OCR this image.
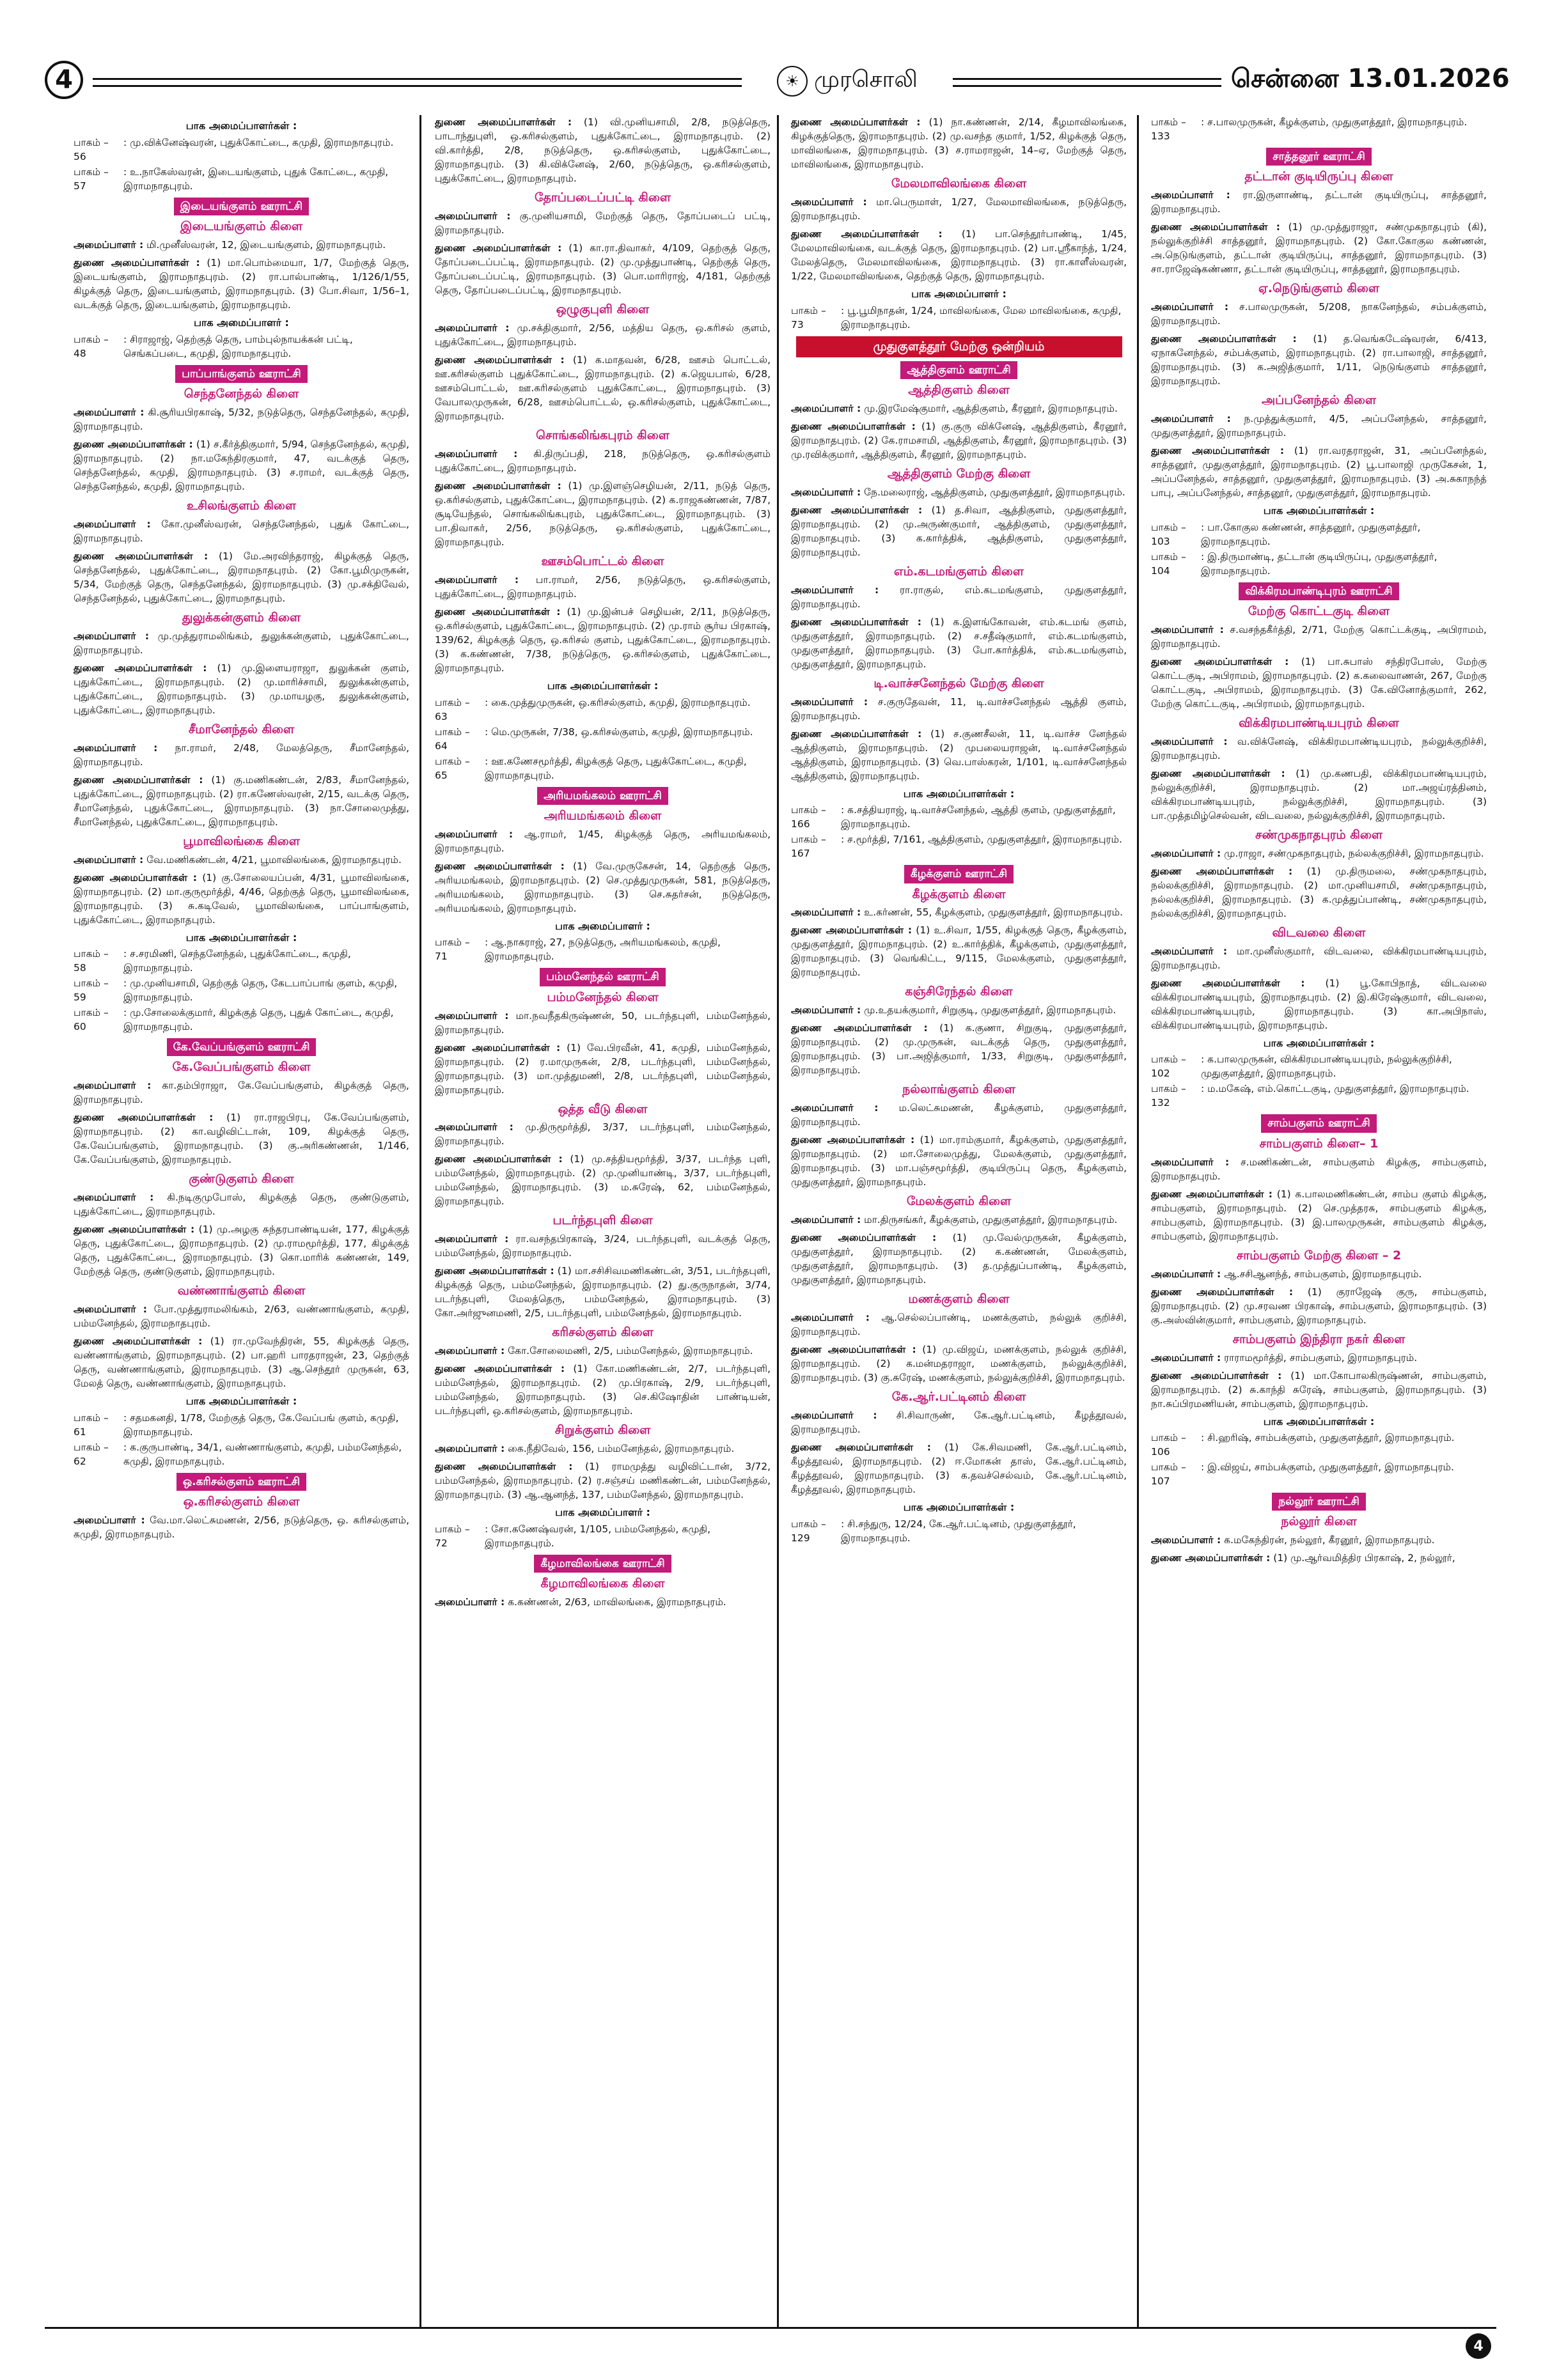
4	☀ முரசொலி	சென்னை 13.01.2026
பாக அமைப்பாளர்கள் :
பாகம் – 56
: மு.விக்னேஷ்வரன், புதுக்கோட்டை, கமுதி, இராமநாதபுரம்.
பாகம் – 57
: உ.நாகேஸ்வரன், இடையங்குளம், புதுக் கோட்டை, கமுதி, இராமநாதபுரம்.
இடையங்குளம் ஊராட்சி
இடையங்குளம் கிளை
அமைப்பாளர் : மி.முனீஸ்வரன், 12, இடையங்குளம், இராமநாதபுரம்.
துணை அமைப்பாளர்கள் : (1) மா.பொம்மையா, 1/7, மேற்குத் தெரு, இடையங்குளம், இராமநாதபுரம். (2) ரா.பால்பாண்டி, 1/126/1/55, கிழக்குத் தெரு, இடையங்குளம், இராமநாதபுரம். (3) போ.சிவா, 1/56–1, வடக்குத் தெரு, இடையங்குளம், இராமநாதபுரம்.
பாக அமைப்பாளர் :
பாகம் – 48
: சிராஜாஜ், தெற்குத் தெரு, பாம்புல்நாயக்கன் பட்டி, செங்கப்படை, கமுதி, இராமநாதபுரம்.
பாப்பாங்குளம் ஊராட்சி
செந்தனேந்தல் கிளை
அமைப்பாளர் : கி.சூரியபிரகாஷ், 5/32, நடுத்தெரு, செந்தனேந்தல், கமுதி, இராமநாதபுரம்.
துணை அமைப்பாளர்கள் : (1) ச.கீர்த்திகுமார், 5/94, செந்தனேந்தல், கமுதி, இராமநாதபுரம். (2) நா.மகேந்திரகுமார், 47, வடக்குத் தெரு, செந்தனேந்தல், கமுதி, இராமநாதபுரம். (3) ச.ராமர், வடக்குத் தெரு, செந்தனேந்தல், கமுதி, இராமநாதபுரம்.
உசிலங்குளம் கிளை
அமைப்பாளர் : கோ.முனீஸ்வரன், செந்தனேந்தல், புதுக் கோட்டை, இராமநாதபுரம்.
துணை அமைப்பாளர்கள் : (1) மே.அரவிந்தராஜ், கிழக்குத் தெரு, செந்தனேந்தல், புதுக்கோட்டை, இராமநாதபுரம். (2) கோ.பூமிமுருகன், 5/34, மேற்குத் தெரு, செந்தனேந்தல், இராமநாதபுரம். (3) மு.சக்திவேல், செந்தனேந்தல், புதுக்கோட்டை, இராமநாதபுரம்.
துலுக்கன்குளம் கிளை
அமைப்பாளர் : மு.முத்துராமலிங்கம், துலுக்கன்குளம், புதுக்கோட்டை, இராமநாதபுரம்.
துணை அமைப்பாளர்கள் : (1) மு.இளையராஜா, துலுக்கன் குளம், புதுக்கோட்டை, இராமநாதபுரம். (2) மு.மாரிச்சாமி, துலுக்கன்குளம், புதுக்கோட்டை, இராமநாதபுரம். (3) மு.மாயழகு, துலுக்கன்குளம், புதுக்கோட்டை, இராமநாதபுரம்.
சீமானேந்தல் கிளை
அமைப்பாளர் : நா.ராமர், 2/48, மேலத்தெரு, சீமானேந்தல், இராமநாதபுரம்.
துணை அமைப்பாளர்கள் : (1) கு.மணிகண்டன், 2/83, சீமானேந்தல், புதுக்கோட்டை, இராமநாதபுரம். (2) ரா.கணேஸ்வரன், 2/15, வடக்கு தெரு, சீமானேந்தல், புதுக்கோட்டை, இராமநாதபுரம். (3) நா.சோலைமுத்து, சீமானேந்தல், புதுக்கோட்டை, இராமநாதபுரம்.
பூமாவிலங்கை கிளை
அமைப்பாளர் : வே.மணிகண்டன், 4/21, பூமாவிலங்கை, இராமநாதபுரம்.
துணை அமைப்பாளர்கள் : (1) கு.சோலையப்பன், 4/31, பூமாவிலங்கை, இராமநாதபுரம். (2) மா.குருமூர்த்தி, 4/46, தெற்குத் தெரு, பூமாவிலங்கை, இராமநாதபுரம். (3) சு.கடிவேல், பூமாவிலங்கை, பாப்பாங்குளம், புதுக்கோட்டை, இராமநாதபுரம்.
பாக அமைப்பாளர்கள் :
பாகம் – 58
: ச.சரமிணி, செந்தனேந்தல், புதுக்கோட்டை, கமுதி, இராமநாதபுரம்.
பாகம் – 59
: மு.முனியசாமி, தெற்குத் தெரு, கேடபாப்பாங் குளம், கமுதி, இராமநாதபுரம்.
பாகம் – 60
: மு.சோலைக்குமார், கிழக்குத் தெரு, புதுக் கோட்டை, கமுதி, இராமநாதபுரம்.
கே.வேப்பங்குளம் ஊராட்சி
கே.வேப்பங்குளம் கிளை
அமைப்பாளர் : கா.தம்பிராஜா, கே.வேப்பங்குளம், கிழக்குத் தெரு, இராமநாதபுரம்.
துணை அமைப்பாளர்கள் : (1) ரா.ராஜபிரபு, கே.வேப்பங்குளம், இராமநாதபுரம். (2) கா.வழிவிட்டான், 109, கிழக்குத் தெரு, கே.வேப்பங்குளம், இராமநாதபுரம். (3) கு.அரிகண்ணன், 1/146, கே.வேப்பங்குளம், இராமநாதபுரம்.
குண்டுகுளம் கிளை
அமைப்பாளர் : கி.நடிகுமுபோஸ், கிழக்குத் தெரு, குண்டுகுளம், புதுக்கோட்டை, இராமநாதபுரம்.
துணை அமைப்பாளர்கள் : (1) மு.அழகு சுந்தரபாண்டியன், 177, கிழக்குத் தெரு, புதுக்கோட்டை, இராமநாதபுரம். (2) மு.ராமமூர்த்தி, 177, கிழக்குத் தெரு, புதுக்கோட்டை, இராமநாதபுரம். (3) கொ.மாரிக் கண்ணன், 149, மேற்குத் தெரு, குண்டுகுளம், இராமநாதபுரம்.
வண்ணாங்குளம் கிளை
அமைப்பாளர் : போ.முத்துராமலிங்கம், 2/63, வண்ணாங்குளம், கமுதி, பம்மனேந்தல், இராமநாதபுரம்.
துணை அமைப்பாளர்கள் : (1) ரா.முவேந்திரன், 55, கிழக்குத் தெரு, வண்ணாங்குளம், இராமநாதபுரம். (2) பா.ஹரி பாரதராஜன், 23, தெற்குத் தெரு, வண்ணாங்குளம், இராமநாதபுரம். (3) ஆ.செந்தூர் முருகன், 63, மேலத் தெரு, வண்ணாங்குளம், இராமநாதபுரம்.
பாக அமைப்பாளர்கள் :
பாகம் – 61
: சதமகனதி, 1/78, மேற்குத் தெரு, கே.வேப்பங் குளம், கமுதி, இராமநாதபுரம்.
பாகம் – 62
: க.குருபாண்டி, 34/1, வண்ணாங்குளம், கமுதி, பம்மனேந்தல், கமுதி, இராமநாதபுரம்.
ஒ.கரிசல்குளம் ஊராட்சி
ஒ.கரிசல்குளம் கிளை
அமைப்பாளர் : வே.மா.லெட்சுமணன், 2/56, நடுத்தெரு, ஒ. கரிசல்குளம், கமுதி, இராமநாதபுரம்.
துணை அமைப்பாளர்கள் : (1) வி.முனியசாமி, 2/8, நடுத்தெரு, பாடாந்துபுளி, ஒ.கரிசல்குளம், புதுக்கோட்டை, இராமநாதபுரம். (2) வி.கார்த்தி, 2/8, நடுத்தெரு, ஒ.கரிசல்குளம், புதுக்கோட்டை, இராமநாதபுரம். (3) கி.விக்னேஷ், 2/60, நடுத்தெரு, ஒ.கரிசல்குளம், புதுக்கோட்டை, இராமநாதபுரம்.
தோப்படைப்பட்டி கிளை
அமைப்பாளர் : கு.முனியசாமி, மேற்குத் தெரு, தோப்படைப் பட்டி, இராமநாதபுரம்.
துணை அமைப்பாளர்கள் : (1) கா.ரா.திவாகர், 4/109, தெற்குத் தெரு, தோப்படைப்பட்டி, இராமநாதபுரம். (2) மு.முத்துபாண்டி, தெற்குத் தெரு, தோப்படைப்பட்டி, இராமநாதபுரம். (3) பொ.மாரிராஜ், 4/181, தெற்குத் தெரு, தோப்படைப்பட்டி, இராமநாதபுரம்.
ஒழுகுபுளி கிளை
அமைப்பாளர் : மு.சக்திகுமார், 2/56, மத்திய தெரு, ஒ.கரிசல் குளம், புதுக்கோட்டை, இராமநாதபுரம்.
துணை அமைப்பாளர்கள் : (1) க.மாதவன், 6/28, ஊசம் பொட்டல், ஊ.கரிசல்குளம் புதுக்கோட்டை, இராமநாதபுரம். (2) க.ஜெயபால், 6/28, ஊசம்பொட்டல், ஊ.கரிசல்குளம் புதுக்கோட்டை, இராமநாதபுரம். (3) வேபாலமுருகன், 6/28, ஊசம்பொட்டல், ஒ.கரிசல்குளம், புதுக்கோட்டை, இராமநாதபுரம்.
சொங்கலிங்கபுரம் கிளை
அமைப்பாளர் : கி.திருப்பதி, 218, நடுத்தெரு, ஒ.கரிசல்குளம் புதுக்கோட்டை, இராமநாதபுரம்.
துணை அமைப்பாளர்கள் : (1) மு.இளஞ்செழியன், 2/11, நடுத் தெரு, ஒ.கரிசல்குளம், புதுக்கோட்டை, இராமநாதபுரம். (2) க.ராஜகண்ணன், 7/87, சூடியேந்தல், சொங்கலிங்கபுரம், புதுக்கோட்டை, இராமநாதபுரம். (3) பா.திவாகர், 2/56, நடுத்தெரு, ஒ.கரிசல்குளம், புதுக்கோட்டை, இராமநாதபுரம்.
ஊசம்பொட்டல் கிளை
அமைப்பாளர் : பா.ராமர், 2/56, நடுத்தெரு, ஒ.கரிசல்குளம், புதுக்கோட்டை, இராமநாதபுரம்.
துணை அமைப்பாளர்கள் : (1) மு.இன்பச் செழியன், 2/11, நடுத்தெரு, ஒ.கரிசல்குளம், புதுக்கோட்டை, இராமநாதபுரம். (2) மு.ராம் சூர்ய பிரகாஷ், 139/62, கிழக்குத் தெரு, ஒ.கரிசல் குளம், புதுக்கோட்டை, இராமநாதபுரம். (3) க.கண்ணன், 7/38, நடுத்தெரு, ஒ.கரிசல்குளம், புதுக்கோட்டை, இராமநாதபுரம்.
பாக அமைப்பாளர்கள் :
பாகம் – 63
: கை.முத்துமுருகன், ஒ.கரிசல்குளம், கமுதி, இராமநாதபுரம்.
பாகம் – 64
: மெ.முருகன், 7/38, ஒ.கரிசல்குளம், கமுதி, இராமநாதபுரம்.
பாகம் – 65
: ஊ.கணேசமூர்த்தி, கிழக்குத் தெரு, புதுக்கோட்டை, கமுதி, இராமநாதபுரம்.
அரியமங்கலம் ஊராட்சி
அரியமங்கலம் கிளை
அமைப்பாளர் : ஆ.ராமர், 1/45, கிழக்குத் தெரு, அரியமங்கலம், இராமநாதபுரம்.
துணை அமைப்பாளர்கள் : (1) வே.முருகேசன், 14, தெற்குத் தெரு, அரியமங்கலம், இராமநாதபுரம். (2) செ.முத்துமுருகன், 581, நடுத்தெரு, அரியமங்கலம், இராமநாதபுரம். (3) செ.சுதர்சன், நடுத்தெரு, அரியமங்கலம், இராமநாதபுரம்.
பாக அமைப்பாளர் :
பாகம் – 71
: ஆ.நாகராஜ், 27, நடுத்தெரு, அரியமங்கலம், கமுதி, இராமநாதபுரம்.
பம்மனேந்தல் ஊராட்சி
பம்மனேந்தல் கிளை
அமைப்பாளர் : மா.நவநீதகிருஷ்ணன், 50, படர்ந்தபுளி, பம்மனேந்தல், இராமநாதபுரம்.
துணை அமைப்பாளர்கள் : (1) வே.பிரவீன், 41, கமுதி, பம்மனேந்தல், இராமநாதபுரம். (2) ர.மாமுருகன், 2/8, படர்ந்தபுளி, பம்மனேந்தல், இராமநாதபுரம். (3) மா.முத்துமணி, 2/8, படர்ந்தபுளி, பம்மனேந்தல், இராமநாதபுரம்.
ஒத்த வீடு கிளை
அமைப்பாளர் : மு.திருமூர்த்தி, 3/37, படர்ந்தபுளி, பம்மனேந்தல், இராமநாதபுரம்.
துணை அமைப்பாளர்கள் : (1) மு.சத்தியமூர்த்தி, 3/37, படர்ந்த புளி, பம்மனேந்தல், இராமநாதபுரம். (2) மு.முனியாண்டி, 3/37, படர்ந்தபுளி, பம்மனேந்தல், இராமநாதபுரம். (3) ம.சுரேஷ், 62, பம்மனேந்தல், இராமநாதபுரம்.
படர்ந்தபுளி கிளை
அமைப்பாளர் : ரா.வசந்தபிரகாஷ், 3/24, படர்ந்தபுளி, வடக்குத் தெரு, பம்மனேந்தல், இராமநாதபுரம்.
துணை அமைப்பாளர்கள் : (1) மா.சசிசிவமணிகண்டன், 3/51, படர்ந்தபுளி, கிழக்குத் தெரு, பம்மனேந்தல், இராமநாதபுரம். (2) து.குருநாதன், 3/74, படர்ந்தபுளி, மேலத்தெரு, பம்மனேந்தல், இராமநாதபுரம். (3) கோ.அர்ஜுனமணி, 2/5, படர்ந்தபுளி, பம்மனேந்தல், இராமநாதபுரம்.
கரிசல்குளம் கிளை
அமைப்பாளர் : கோ.சோலைமணி, 2/5, பம்மனேந்தல், இராமநாதபுரம்.
துணை அமைப்பாளர்கள் : (1) கோ.மணிகண்டன், 2/7, படர்ந்தபுளி, பம்மனேந்தல், இராமநாதபுரம். (2) மு.பிரகாஷ், 2/9, படர்ந்தபுளி, பம்மனேந்தல், இராமநாதபுரம். (3) செ.கிஷோதின் பாண்டியன், படர்ந்தபுளி, ஒ.கரிசல்குளம், இராமநாதபுரம்.
சிறுக்குளம் கிளை
அமைப்பாளர் : கை.நீதிவேல், 156, பம்மனேந்தல், இராமநாதபுரம்.
துணை அமைப்பாளர்கள் : (1) ராமமுத்து வழிவிட்டான், 3/72, பம்மனேந்தல், இராமநாதபுரம். (2) ர.சஞ்சய் மணிகண்டன், பம்மனேந்தல், இராமநாதபுரம். (3) ஆ.ஆனந்த், 137, பம்மனேந்தல், இராமநாதபுரம்.
பாக அமைப்பாளர் :
பாகம் – 72
: சோ.கணேஷ்வரன், 1/105, பம்மனேந்தல், கமுதி, இராமநாதபுரம்.
கீழமாவிலங்கை ஊராட்சி
கீழமாவிலங்கை கிளை
அமைப்பாளர் : க.கண்ணன், 2/63, மாவிலங்கை, இராமநாதபுரம்.
துணை அமைப்பாளர்கள் : (1) நா.கண்ணன், 2/14, கீழமாவிலங்கை, கிழக்குத்தெரு, இராமநாதபுரம். (2) மு.வசந்த குமார், 1/52, கிழக்குத் தெரு, மாவிலங்கை, இராமநாதபுரம். (3) ச.ராமராஜன், 14–ஏ, மேற்குத் தெரு, மாவிலங்கை, இராமநாதபுரம்.
மேலமாவிலங்கை கிளை
அமைப்பாளர் : மா.பெருமாள், 1/27, மேலமாவிலங்கை, நடுத்தெரு, இராமநாதபுரம்.
துணை அமைப்பாளர்கள் : (1) பா.செந்தூர்பாண்டி, 1/45, மேலமாவிலங்கை, வடக்குத் தெரு, இராமநாதபுரம். (2) பா.ஸ்ரீகாந்த், 1/24, மேலத்தெரு, மேலமாவிலங்கை, இராமநாதபுரம். (3) ரா.காளீஸ்வரன், 1/22, மேலமாவிலங்கை, தெற்குத் தெரு, இராமநாதபுரம்.
பாக அமைப்பாளர் :
பாகம் – 73
: பூ.பூமிநாதன், 1/24, மாவிலங்கை, மேல மாவிலங்கை, கமுதி, இராமநாதபுரம்.
முதுகுளத்தூர் மேற்கு ஒன்றியம்
ஆத்திகுளம் ஊராட்சி
ஆத்திகுளம் கிளை
அமைப்பாளர் : மு.இரமேஷ்குமார், ஆத்திகுளம், கீரனூர், இராமநாதபுரம்.
துணை அமைப்பாளர்கள் : (1) கு.குரு விக்னேஷ், ஆத்திகுளம், கீரனூர், இராமநாதபுரம். (2) கே.ராமசாமி, ஆத்திகுளம், கீரனூர், இராமநாதபுரம். (3) மு.ரவிக்குமார், ஆத்திகுளம், கீரனூர், இராமநாதபுரம்.
ஆத்திகுளம் மேற்கு கிளை
அமைப்பாளர் : நே.மலைராஜ், ஆத்திகுளம், முதுகுளத்தூர், இராமநாதபுரம்.
துணை அமைப்பாளர்கள் : (1) த.சிவா, ஆத்திகுளம், முதுகுளத்தூர், இராமநாதபுரம். (2) மு.அருண்குமார், ஆத்திகுளம், முதுகுளத்தூர், இராமநாதபுரம். (3) க.கார்த்திக், ஆத்திகுளம், முதுகுளத்தூர், இராமநாதபுரம்.
எம்.கடமங்குளம் கிளை
அமைப்பாளர் : ரா.ராகுல், எம்.கடமங்குளம், முதுகுளத்தூர், இராமநாதபுரம்.
துணை அமைப்பாளர்கள் : (1) க.இளங்கோவன், எம்.கடமங் குளம், முதுகுளத்தூர், இராமநாதபுரம். (2) ச.சதீஷ்குமார், எம்.கடமங்குளம், முதுகுளத்தூர், இராமநாதபுரம். (3) போ.கார்த்திக், எம்.கடமங்குளம், முதுகுளத்தூர், இராமநாதபுரம்.
டி.வாச்சனேந்தல் மேற்கு கிளை
அமைப்பாளர் : ச.குருதேவன், 11, டி.வாச்சனேந்தல் ஆத்தி குளம், இராமநாதபுரம்.
துணை அமைப்பாளர்கள் : (1) ச.குணசீலன், 11, டி.வாச்ச னேந்தல் ஆத்திகுளம், இராமநாதபுரம். (2) முபலையராஜன், டி.வாச்சனேந்தல் ஆத்திகுளம், இராமநாதபுரம். (3) வெ.பாஸ்கரன், 1/101, டி.வாச்சனேந்தல் ஆத்திகுளம், இராமநாதபுரம்.
பாக அமைப்பாளர்கள் :
பாகம் – 166
: க.சத்தியராஜ், டி.வாச்சனேந்தல், ஆத்தி குளம், முதுகுளத்தூர், இராமநாதபுரம்.
பாகம் – 167
: ச.மூர்த்தி, 7/161, ஆத்திகுளம், முதுகுளத்தூர், இராமநாதபுரம்.
கீழக்குளம் ஊராட்சி
கீழக்குளம் கிளை
அமைப்பாளர் : உ.கர்ணன், 55, கீழக்குளம், முதுகுளத்தூர், இராமநாதபுரம்.
துணை அமைப்பாளர்கள் : (1) உ.சிவா, 1/55, கிழக்குத் தெரு, கீழக்குளம், முதுகுளத்தூர், இராமநாதபுரம். (2) உ.கார்த்திக், கீழக்குளம், முதுகுளத்தூர், இராமநாதபுரம். (3) வெங்கிட்ட, 9/115, மேலக்குளம், முதுகுளத்தூர், இராமநாதபுரம்.
கஞ்சிரேந்தல் கிளை
அமைப்பாளர் : மு.உதயக்குமார், சிறுகுடி, முதுகுளத்தூர், இராமநாதபுரம்.
துணை அமைப்பாளர்கள் : (1) க.குணா, சிறுகுடி, முதுகுளத்தூர், இராமநாதபுரம். (2) மு.முருகன், வடக்குத் தெரு, முதுகுளத்தூர், இராமநாதபுரம். (3) பா.அஜித்குமார், 1/33, சிறுகுடி, முதுகுளத்தூர், இராமநாதபுரம்.
நல்லாங்குளம் கிளை
அமைப்பாளர் : ம.லெட்சுமணன், கீழக்குளம், முதுகுளத்தூர், இராமநாதபுரம்.
துணை அமைப்பாளர்கள் : (1) மா.ராம்குமார், கீழக்குளம், முதுகுளத்தூர், இராமநாதபுரம். (2) மா.சோலைமுத்து, மேலக்குளம், முதுகுளத்தூர், இராமநாதபுரம். (3) மா.பஞ்சமூர்த்தி, குடியிருப்பு தெரு, கீழக்குளம், முதுகுளத்தூர், இராமநாதபுரம்.
மேலக்குளம் கிளை
அமைப்பாளர் : மா.திருசங்கர், கீழக்குளம், முதுகுளத்தூர், இராமநாதபுரம்.
துணை அமைப்பாளர்கள் : (1) மு.வேல்முருகன், கீழக்குளம், முதுகுளத்தூர், இராமநாதபுரம். (2) க.கண்ணன், மேலக்குளம், முதுகுளத்தூர், இராமநாதபுரம். (3) த.முத்துப்பாண்டி, கீழக்குளம், முதுகுளத்தூர், இராமநாதபுரம்.
மணக்குளம் கிளை
அமைப்பாளர் : ஆ.செல்லப்பாண்டி, மணக்குளம், நல்லுக் குறிச்சி, இராமநாதபுரம்.
துணை அமைப்பாளர்கள் : (1) மு.விஜய், மணக்குளம், நல்லுக் குறிச்சி, இராமநாதபுரம். (2) க.மன்மதராஜா, மணக்குளம், நல்லுக்குறிச்சி, இராமநாதபுரம். (3) கு.சுரேஷ், மணக்குளம், நல்லுக்குறிச்சி, இராமநாதபுரம்.
கே.ஆர்.பட்டினம் கிளை
அமைப்பாளர் : சி.சிவாருண், கே.ஆர்.பட்டினம், கீழத்தூவல், இராமநாதபுரம்.
துணை அமைப்பாளர்கள் : (1) கே.சிவமணி, கே.ஆர்.பட்டினம், கீழத்தூவல், இராமநாதபுரம். (2) ஈ.மோகன் தாஸ், கே.ஆர்.பட்டினம், கீழத்தூவல், இராமநாதபுரம். (3) க.தவச்செல்வம், கே.ஆர்.பட்டினம், கீழத்தூவல், இராமநாதபுரம்.
பாக அமைப்பாளர்கள் :
பாகம் – 129
: சி.சந்துரு, 12/24, கே.ஆர்.பட்டினம், முதுகுளத்தூர், இராமநாதபுரம்.
பாகம் – 133
: ச.பாலமுருகன், கீழக்குளம், முதுகுளத்தூர், இராமநாதபுரம்.
சாத்தனூர் ஊராட்சி
தட்டான் குடியிருப்பு கிளை
அமைப்பாளர் : ரா.இருளாண்டி, தட்டான் குடியிருப்பு, சாத்தனூர், இராமநாதபுரம்.
துணை அமைப்பாளர்கள் : (1) மு.முத்துராஜா, சண்முகநாதபுரம் (கி), நல்லுக்குறிச்சி சாத்தனூர், இராமநாதபுரம். (2) கோ.கோகுல கண்ணன், அ.நெடுங்குளம், தட்டான் குடியிருப்பு, சாத்தனூர், இராமநாதபுரம். (3) சா.ராஜேஷ்கண்ணா, தட்டான் குடியிருப்பு, சாத்தனூர், இராமநாதபுரம்.
ஏ.நெடுங்குளம் கிளை
அமைப்பாளர் : ச.பாலமுருகன், 5/208, நாகனேந்தல், சம்பக்குளம், இராமநாதபுரம்.
துணை அமைப்பாளர்கள் : (1) த.வெங்கடேஷ்வரன், 6/413, ஏநாகனேந்தல், சம்பக்குளம், இராமநாதபுரம். (2) ரா.பாலாஜி, சாத்தனூர், இராமநாதபுரம். (3) க.அஜித்குமார், 1/11, நெடுங்குளம் சாத்தனூர், இராமநாதபுரம்.
அப்பனேந்தல் கிளை
அமைப்பாளர் : ந.முத்துக்குமார், 4/5, அப்பனேந்தல், சாத்தனூர், முதுகுளத்தூர், இராமநாதபுரம்.
துணை அமைப்பாளர்கள் : (1) ரா.வரதராஜன், 31, அப்பனேந்தல், சாத்தனூர், முதுகுளத்தூர், இராமநாதபுரம். (2) பூ.பாலாஜி முருகேசன், 1, அப்பனேந்தல், சாத்தனூர், முதுகுளத்தூர், இராமநாதபுரம். (3) அ.சுகாநந்த் பாபு, அப்பனேந்தல், சாத்தனூர், முதுகுளத்தூர், இராமநாதபுரம்.
பாக அமைப்பாளர்கள் :
பாகம் – 103
: பா.கோகுல கண்ணன், சாத்தனூர், முதுகுளத்தூர், இராமநாதபுரம்.
பாகம் – 104
: இ.திருமாண்டி, தட்டான் குடியிருப்பு, முதுகுளத்தூர், இராமநாதபுரம்.
விக்கிரமபாண்டிபுரம் ஊராட்சி
மேற்கு கொட்டகுடி கிளை
அமைப்பாளர் : ச.வசந்தகீர்த்தி, 2/71, மேற்கு கொட்டக்குடி, அபிராமம், இராமநாதபுரம்.
துணை அமைப்பாளர்கள் : (1) பா.சுபாஸ் சந்திரபோஸ், மேற்கு கொட்டகுடி, அபிராமம், இராமநாதபுரம். (2) க.கலைவாணன், 267, மேற்கு கொட்டகுடி, அபிராமம், இராமநாதபுரம். (3) கே.வினோத்குமார், 262, மேற்கு கொட்டகுடி, அபிராமம், இராமநாதபுரம்.
விக்கிரமபாண்டியபுரம் கிளை
அமைப்பாளர் : வ.விக்னேஷ், விக்கிரமபாண்டியபுரம், நல்லுக்குறிச்சி, இராமநாதபுரம்.
துணை அமைப்பாளர்கள் : (1) மு.கணபதி, விக்கிரமபாண்டியபுரம், நல்லுக்குறிச்சி, இராமநாதபுரம். (2) மா.அஜய்ரத்தினம், விக்கிரமபாண்டியபுரம், நல்லுக்குறிச்சி, இராமநாதபுரம். (3) பா.முத்தமிழ்செல்வன், விடவலை, நல்லுக்குறிச்சி, இராமநாதபுரம்.
சண்முகநாதபுரம் கிளை
அமைப்பாளர் : மு.ராஜா, சண்முகநாதபுரம், நல்லக்குறிச்சி, இராமநாதபுரம்.
துணை அமைப்பாளர்கள் : (1) மு.திருமலை, சண்முகநாதபுரம், நல்லக்குறிச்சி, இராமநாதபுரம். (2) மா.முனியசாமி, சண்முகநாதபுரம், நல்லக்குறிச்சி, இராமநாதபுரம். (3) க.முத்துப்பாண்டி, சண்முகநாதபுரம், நல்லக்குறிச்சி, இராமநாதபுரம்.
விடவலை கிளை
அமைப்பாளர் : மா.முனீஸ்குமார், விடவலை, விக்கிரமபாண்டியபுரம், இராமநாதபுரம்.
துணை அமைப்பாளர்கள் : (1) பூ.கோபிநாத், விடவலை விக்கிரமபாண்டியபுரம், இராமநாதபுரம். (2) இ.கிரேஷ்குமார், விடவலை, விக்கிரமபாண்டியபுரம், இராமநாதபுரம். (3) கா.அபிநாஸ், விக்கிரமபாண்டியபுரம், இராமநாதபுரம்.
பாக அமைப்பாளர்கள் :
பாகம் – 102
: க.பாலமுருகன், விக்கிரமபாண்டியபுரம், நல்லுக்குறிச்சி, முதுகுளத்தூர், இராமநாதபுரம்.
பாகம் – 132
: ம.மகேஷ், எம்.கொட்டகுடி, முதுகுளத்தூர், இராமநாதபுரம்.
சாம்பகுளம் ஊராட்சி
சாம்பகுளம் கிளை– 1
அமைப்பாளர் : ச.மணிகண்டன், சாம்பகுளம் கிழக்கு, சாம்பகுளம், இராமநாதபுரம்.
துணை அமைப்பாளர்கள் : (1) க.பாலமணிகண்டன், சாம்ப குளம் கிழக்கு, சாம்பகுளம், இராமநாதபுரம். (2) செ.முத்தரசு, சாம்பகுளம் கிழக்கு, சாம்பகுளம், இராமநாதபுரம். (3) இ.பாலமுருகன், சாம்பகுளம் கிழக்கு, சாம்பகுளம், இராமநாதபுரம்.
சாம்பகுளம் மேற்கு கிளை – 2
அமைப்பாளர் : ஆ.சசிஆனந்த், சாம்பகுளம், இராமநாதபுரம்.
துணை அமைப்பாளர்கள் : (1) குராஜேஷ் குரு, சாம்பகுளம், இராமநாதபுரம். (2) மு.சரவண பிரகாஷ், சாம்பகுளம், இராமநாதபுரம். (3) கு.அஸ்வின்குமார், சாம்பகுளம், இராமநாதபுரம்.
சாம்பகுளம் இந்திரா நகர் கிளை
அமைப்பாளர் : ராராமமூர்த்தி, சாம்பகுளம், இராமநாதபுரம்.
துணை அமைப்பாளர்கள் : (1) மா.கோபாலகிருஷ்ணன், சாம்பகுளம், இராமநாதபுரம். (2) சு.காந்தி சுரேஷ், சாம்பகுளம், இராமநாதபுரம். (3) நா.சுப்பிரமணியன், சாம்பகுளம், இராமநாதபுரம்.
பாக அமைப்பாளர்கள் :
பாகம் – 106
: சி.ஹரிஷ், சாம்பக்குளம், முதுகுளத்தூர், இராமநாதபுரம்.
பாகம் – 107
: இ.விஜய், சாம்பக்குளம், முதுகுளத்தூர், இராமநாதபுரம்.
நல்லூர் ஊராட்சி
நல்லூர் கிளை
அமைப்பாளர் : க.மகேந்திரன், நல்லூர், கீரனூர், இராமநாதபுரம்.
துணை அமைப்பாளர்கள் : (1) மு.ஆர்வமித்திர பிரகாஷ், 2, நல்லூர்,
4
